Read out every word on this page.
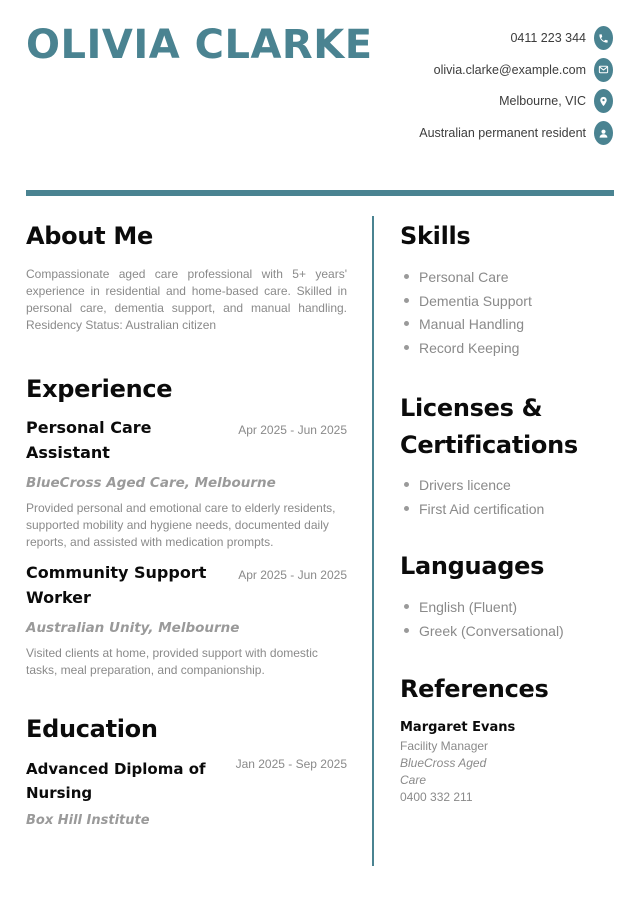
OLIVIA CLARKE	0411 223 344
olivia.clarke@example.com
Melbourne, VIC
Australian permanent resident
About Me
Compassionate aged care professional with 5+ years' experience in residential and home-based care. Skilled in personal care, dementia support, and manual handling. Residency Status: Australian citizen
Experience
Personal Care Assistant
Apr 2025 - Jun 2025
BlueCross Aged Care, Melbourne
Provided personal and emotional care to elderly residents, supported mobility and hygiene needs, documented daily reports, and assisted with medication prompts.
Community Support Worker
Apr 2025 - Jun 2025
Australian Unity, Melbourne
Visited clients at home, provided support with domestic tasks, meal preparation, and companionship.
Education
Advanced Diploma of Nursing
Jan 2025 - Sep 2025
Box Hill Institute
Skills
Personal Care
Dementia Support
Manual Handling
Record Keeping
Licenses & Certifications
Drivers licence
First Aid certification
Languages
English (Fluent)
Greek (Conversational)
References
Margaret Evans
Facility Manager
BlueCross Aged Care
0400 332 211
